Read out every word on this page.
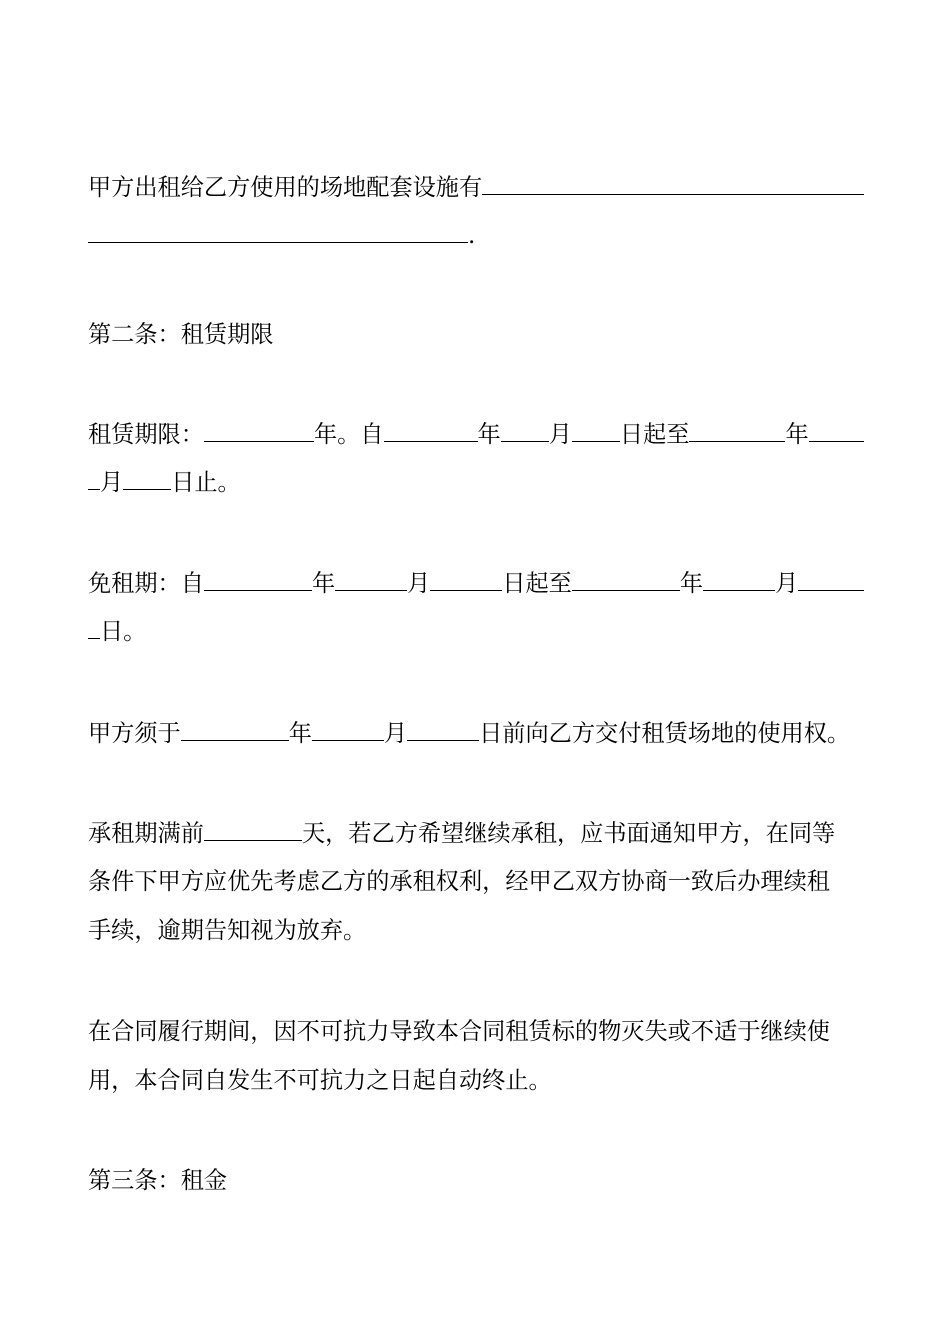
甲方出租给乙方使用的场地配套设施有
.
第二条：租赁期限
租赁期限：	年。自	年 月 日起至	年
月 日止。
免租期：自	年	月	日起至	年	月
日。
甲方须于	年	月	日前向乙方交付租赁场地的使用权。
承租期满前	天，若乙方希望继续承租，应书面通知甲方，在同等
条件下甲方应优先考虑乙方的承租权利，经甲乙双方协商一致后办理续租
手续，逾期告知视为放弃。
在合同履行期间，因不可抗力导致本合同租赁标的物灭失或不适于继续使
用，本合同自发生不可抗力之日起自动终止。
第三条：租金
